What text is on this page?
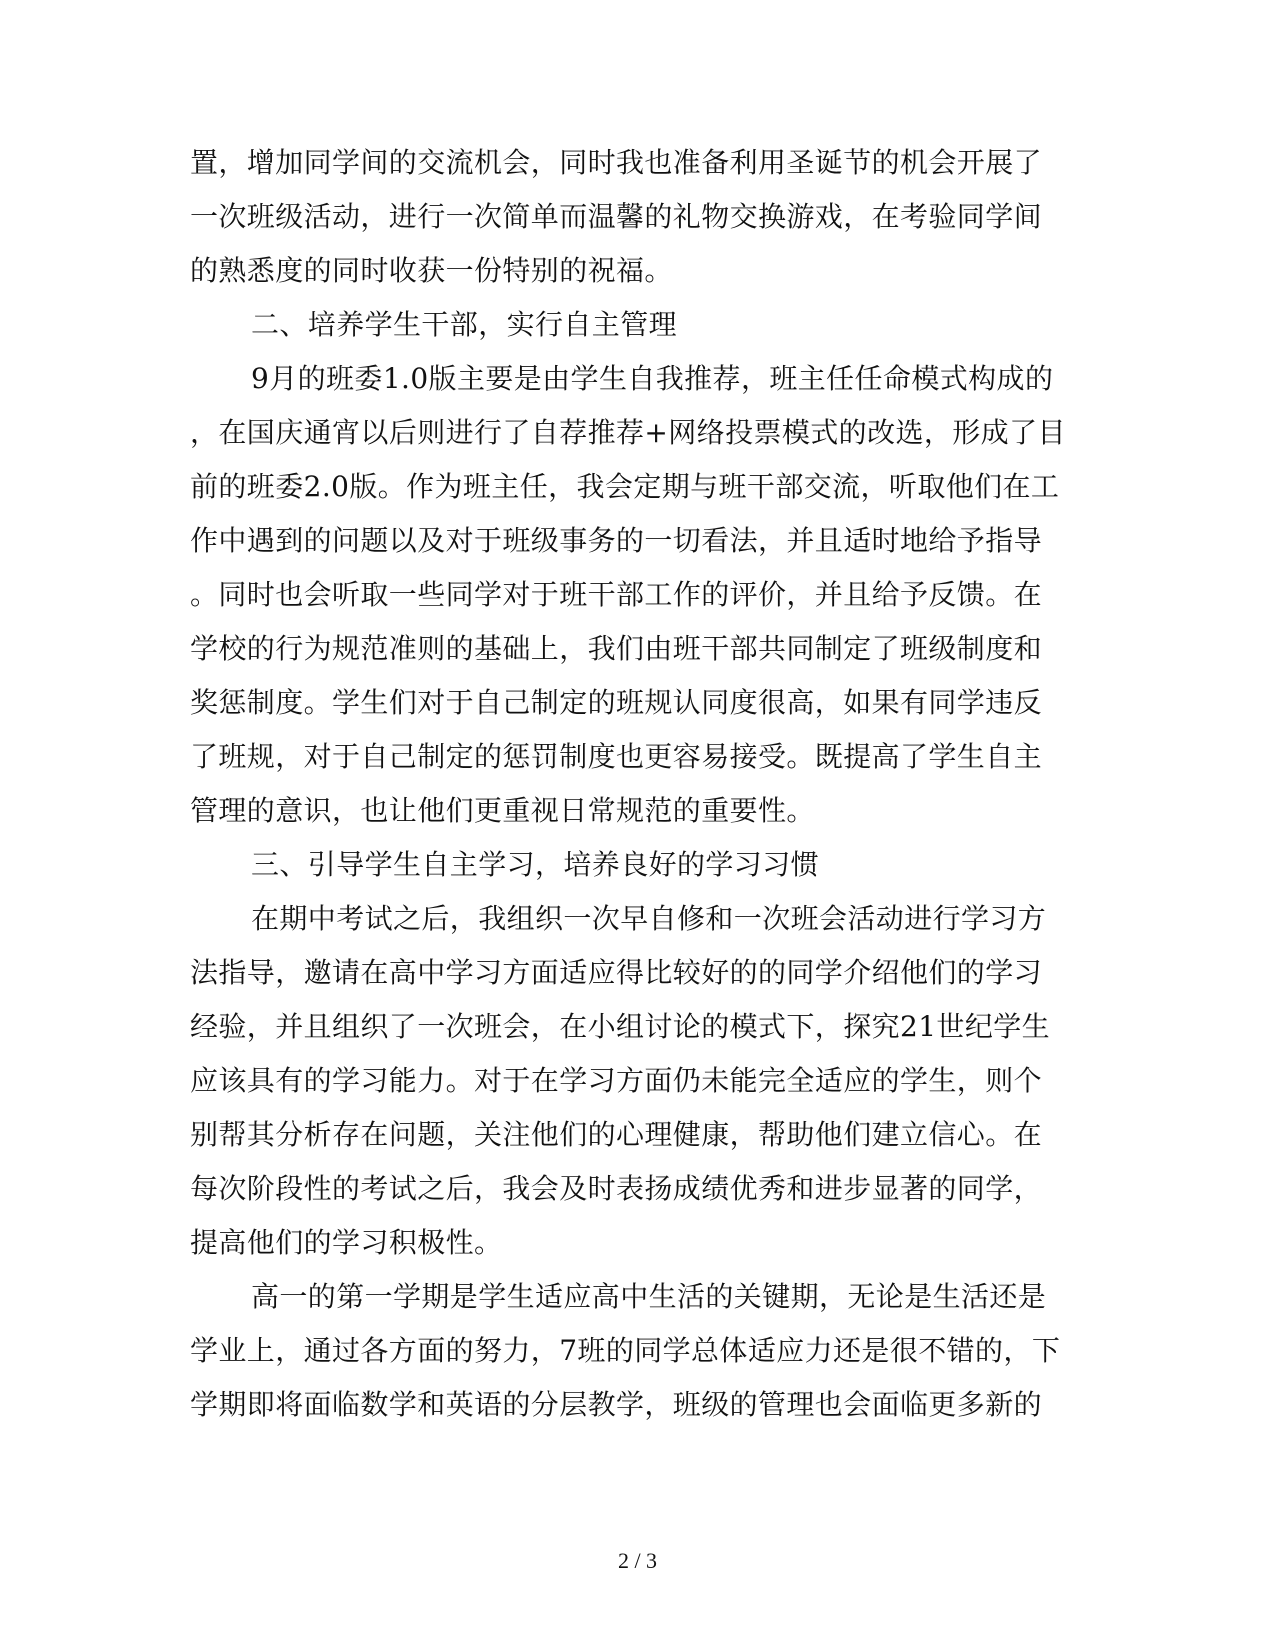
置，增加同学间的交流机会，同时我也准备利用圣诞节的机会开展了
一次班级活动，进行一次简单而温馨的礼物交换游戏，在考验同学间
的熟悉度的同时收获一份特别的祝福。
二、培养学生干部，实行自主管理
9月的班委1.0版主要是由学生自我推荐，班主任任命模式构成的
，在国庆通宵以后则进行了自荐推荐+网络投票模式的改选，形成了目
前的班委2.0版。作为班主任，我会定期与班干部交流，听取他们在工
作中遇到的问题以及对于班级事务的一切看法，并且适时地给予指导
。同时也会听取一些同学对于班干部工作的评价，并且给予反馈。在
学校的行为规范准则的基础上，我们由班干部共同制定了班级制度和
奖惩制度。学生们对于自己制定的班规认同度很高，如果有同学违反
了班规，对于自己制定的惩罚制度也更容易接受。既提高了学生自主
管理的意识，也让他们更重视日常规范的重要性。
三、引导学生自主学习，培养良好的学习习惯
在期中考试之后，我组织一次早自修和一次班会活动进行学习方
法指导，邀请在高中学习方面适应得比较好的的同学介绍他们的学习
经验，并且组织了一次班会，在小组讨论的模式下，探究21世纪学生
应该具有的学习能力。对于在学习方面仍未能完全适应的学生，则个
别帮其分析存在问题，关注他们的心理健康，帮助他们建立信心。在
每次阶段性的考试之后，我会及时表扬成绩优秀和进步显著的同学，
提高他们的学习积极性。
高一的第一学期是学生适应高中生活的关键期，无论是生活还是
学业上，通过各方面的努力，7班的同学总体适应力还是很不错的，下
学期即将面临数学和英语的分层教学，班级的管理也会面临更多新的
2 / 3
